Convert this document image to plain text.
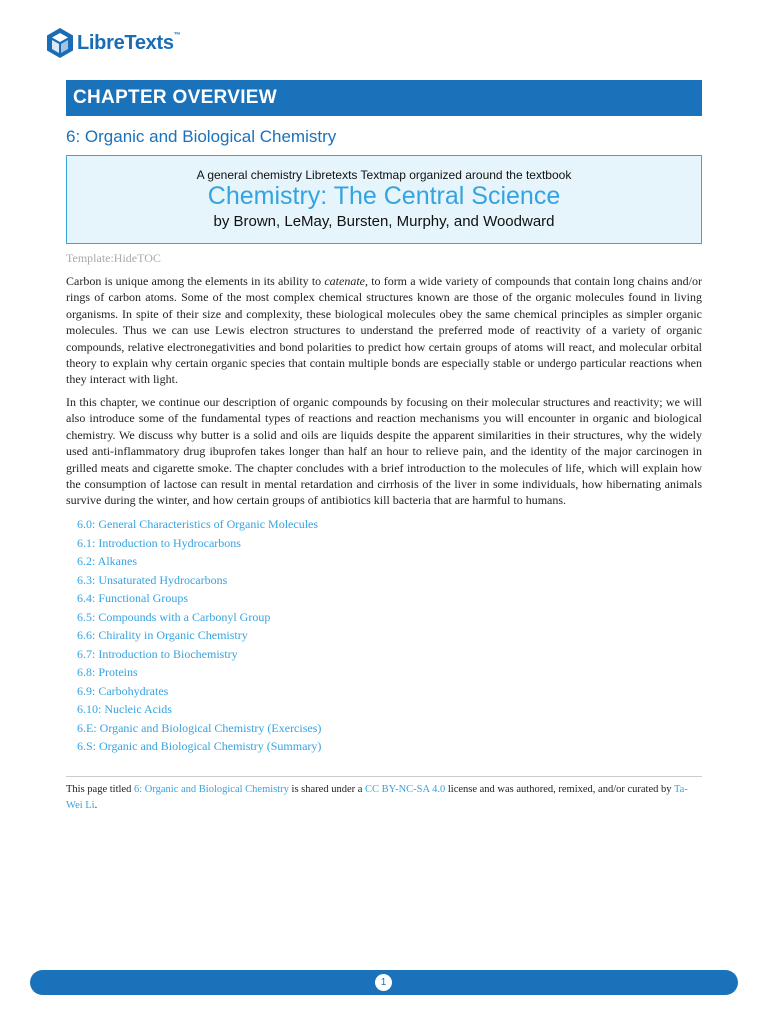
LibreTexts™
CHAPTER OVERVIEW
6: Organic and Biological Chemistry
A general chemistry Libretexts Textmap organized around the textbook
Chemistry: The Central Science
by Brown, LeMay, Bursten, Murphy, and Woodward
Template:HideTOC

Carbon is unique among the elements in its ability to catenate, to form a wide variety of compounds that contain long chains and/or rings of carbon atoms. Some of the most complex chemical structures known are those of the organic molecules found in living organisms. In spite of their size and complexity, these biological molecules obey the same chemical principles as simpler organic molecules. Thus we can use Lewis electron structures to understand the preferred mode of reactivity of a variety of organic compounds, relative electronegativities and bond polarities to predict how certain groups of atoms will react, and molecular orbital theory to explain why certain organic species that contain multiple bonds are especially stable or undergo particular reactions when they interact with light.

In this chapter, we continue our description of organic compounds by focusing on their molecular structures and reactivity; we will also introduce some of the fundamental types of reactions and reaction mechanisms you will encounter in organic and biological chemistry. We discuss why butter is a solid and oils are liquids despite the apparent similarities in their structures, why the widely used anti-inflammatory drug ibuprofen takes longer than half an hour to relieve pain, and the identity of the major carcinogen in grilled meats and cigarette smoke. The chapter concludes with a brief introduction to the molecules of life, which will explain how the consumption of lactose can result in mental retardation and cirrhosis of the liver in some individuals, how hibernating animals survive during the winter, and how certain groups of antibiotics kill bacteria that are harmful to humans.

6.0: General Characteristics of Organic Molecules
6.1: Introduction to Hydrocarbons
6.2: Alkanes
6.3: Unsaturated Hydrocarbons
6.4: Functional Groups
6.5: Compounds with a Carbonyl Group
6.6: Chirality in Organic Chemistry
6.7: Introduction to Biochemistry
6.8: Proteins
6.9: Carbohydrates
6.10: Nucleic Acids
6.E: Organic and Biological Chemistry (Exercises)
6.S: Organic and Biological Chemistry (Summary)
This page titled 6: Organic and Biological Chemistry is shared under a CC BY-NC-SA 4.0 license and was authored, remixed, and/or curated by Ta-Wei Li.
1
